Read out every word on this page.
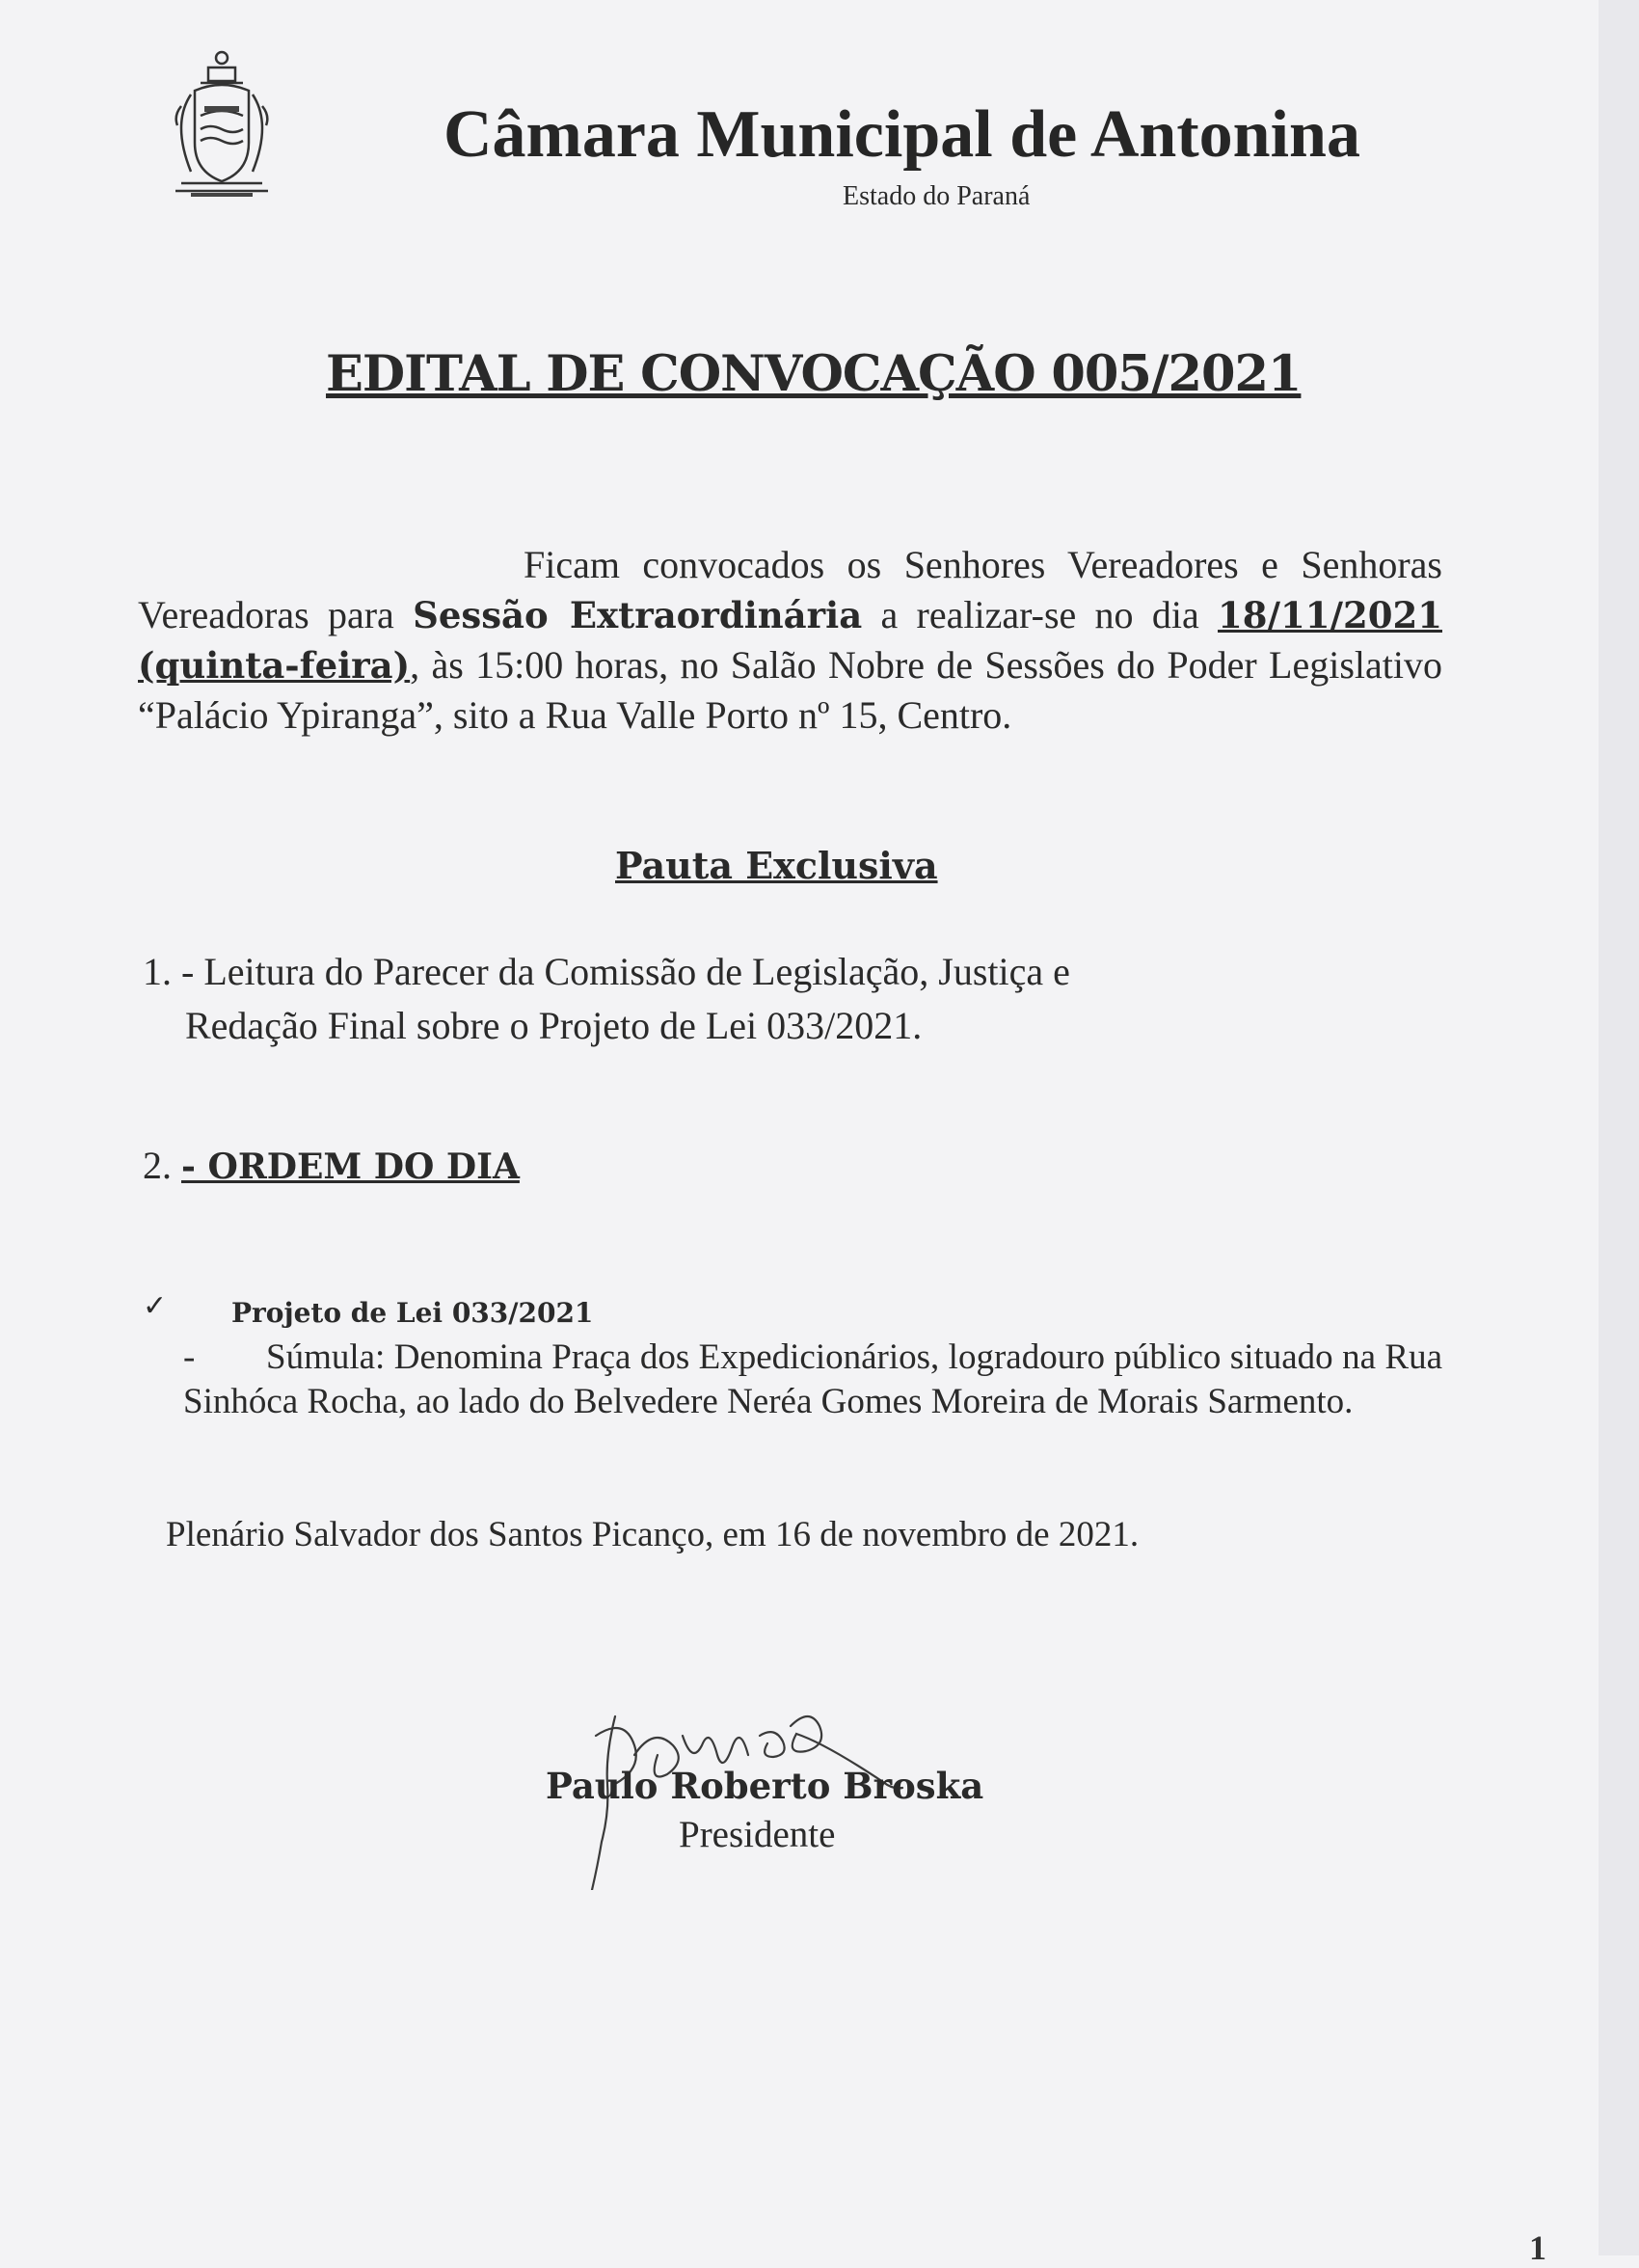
Câmara Municipal de Antonina
Estado do Paraná
EDITAL DE CONVOCAÇÃO 005/2021
Ficam convocados os Senhores Vereadores e Senhoras Vereadoras para Sessão Extraordinária a realizar-se no dia 18/11/2021 (quinta-feira), às 15:00 horas, no Salão Nobre de Sessões do Poder Legislativo “Palácio Ypiranga”, sito a Rua Valle Porto nº 15, Centro.
Pauta Exclusiva
1. - Leitura do Parecer da Comissão de Legislação, Justiça e
Redação Final sobre o Projeto de Lei 033/2021.
2. - ORDEM DO DIA
✓ Projeto de Lei 033/2021
- Súmula: Denomina Praça dos Expedicionários, logradouro público situado na Rua Sinhóca Rocha, ao lado do Belvedere Neréa Gomes Moreira de Morais Sarmento.
Plenário Salvador dos Santos Picanço, em 16 de novembro de 2021.
Paulo Roberto Broska
Presidente
1
